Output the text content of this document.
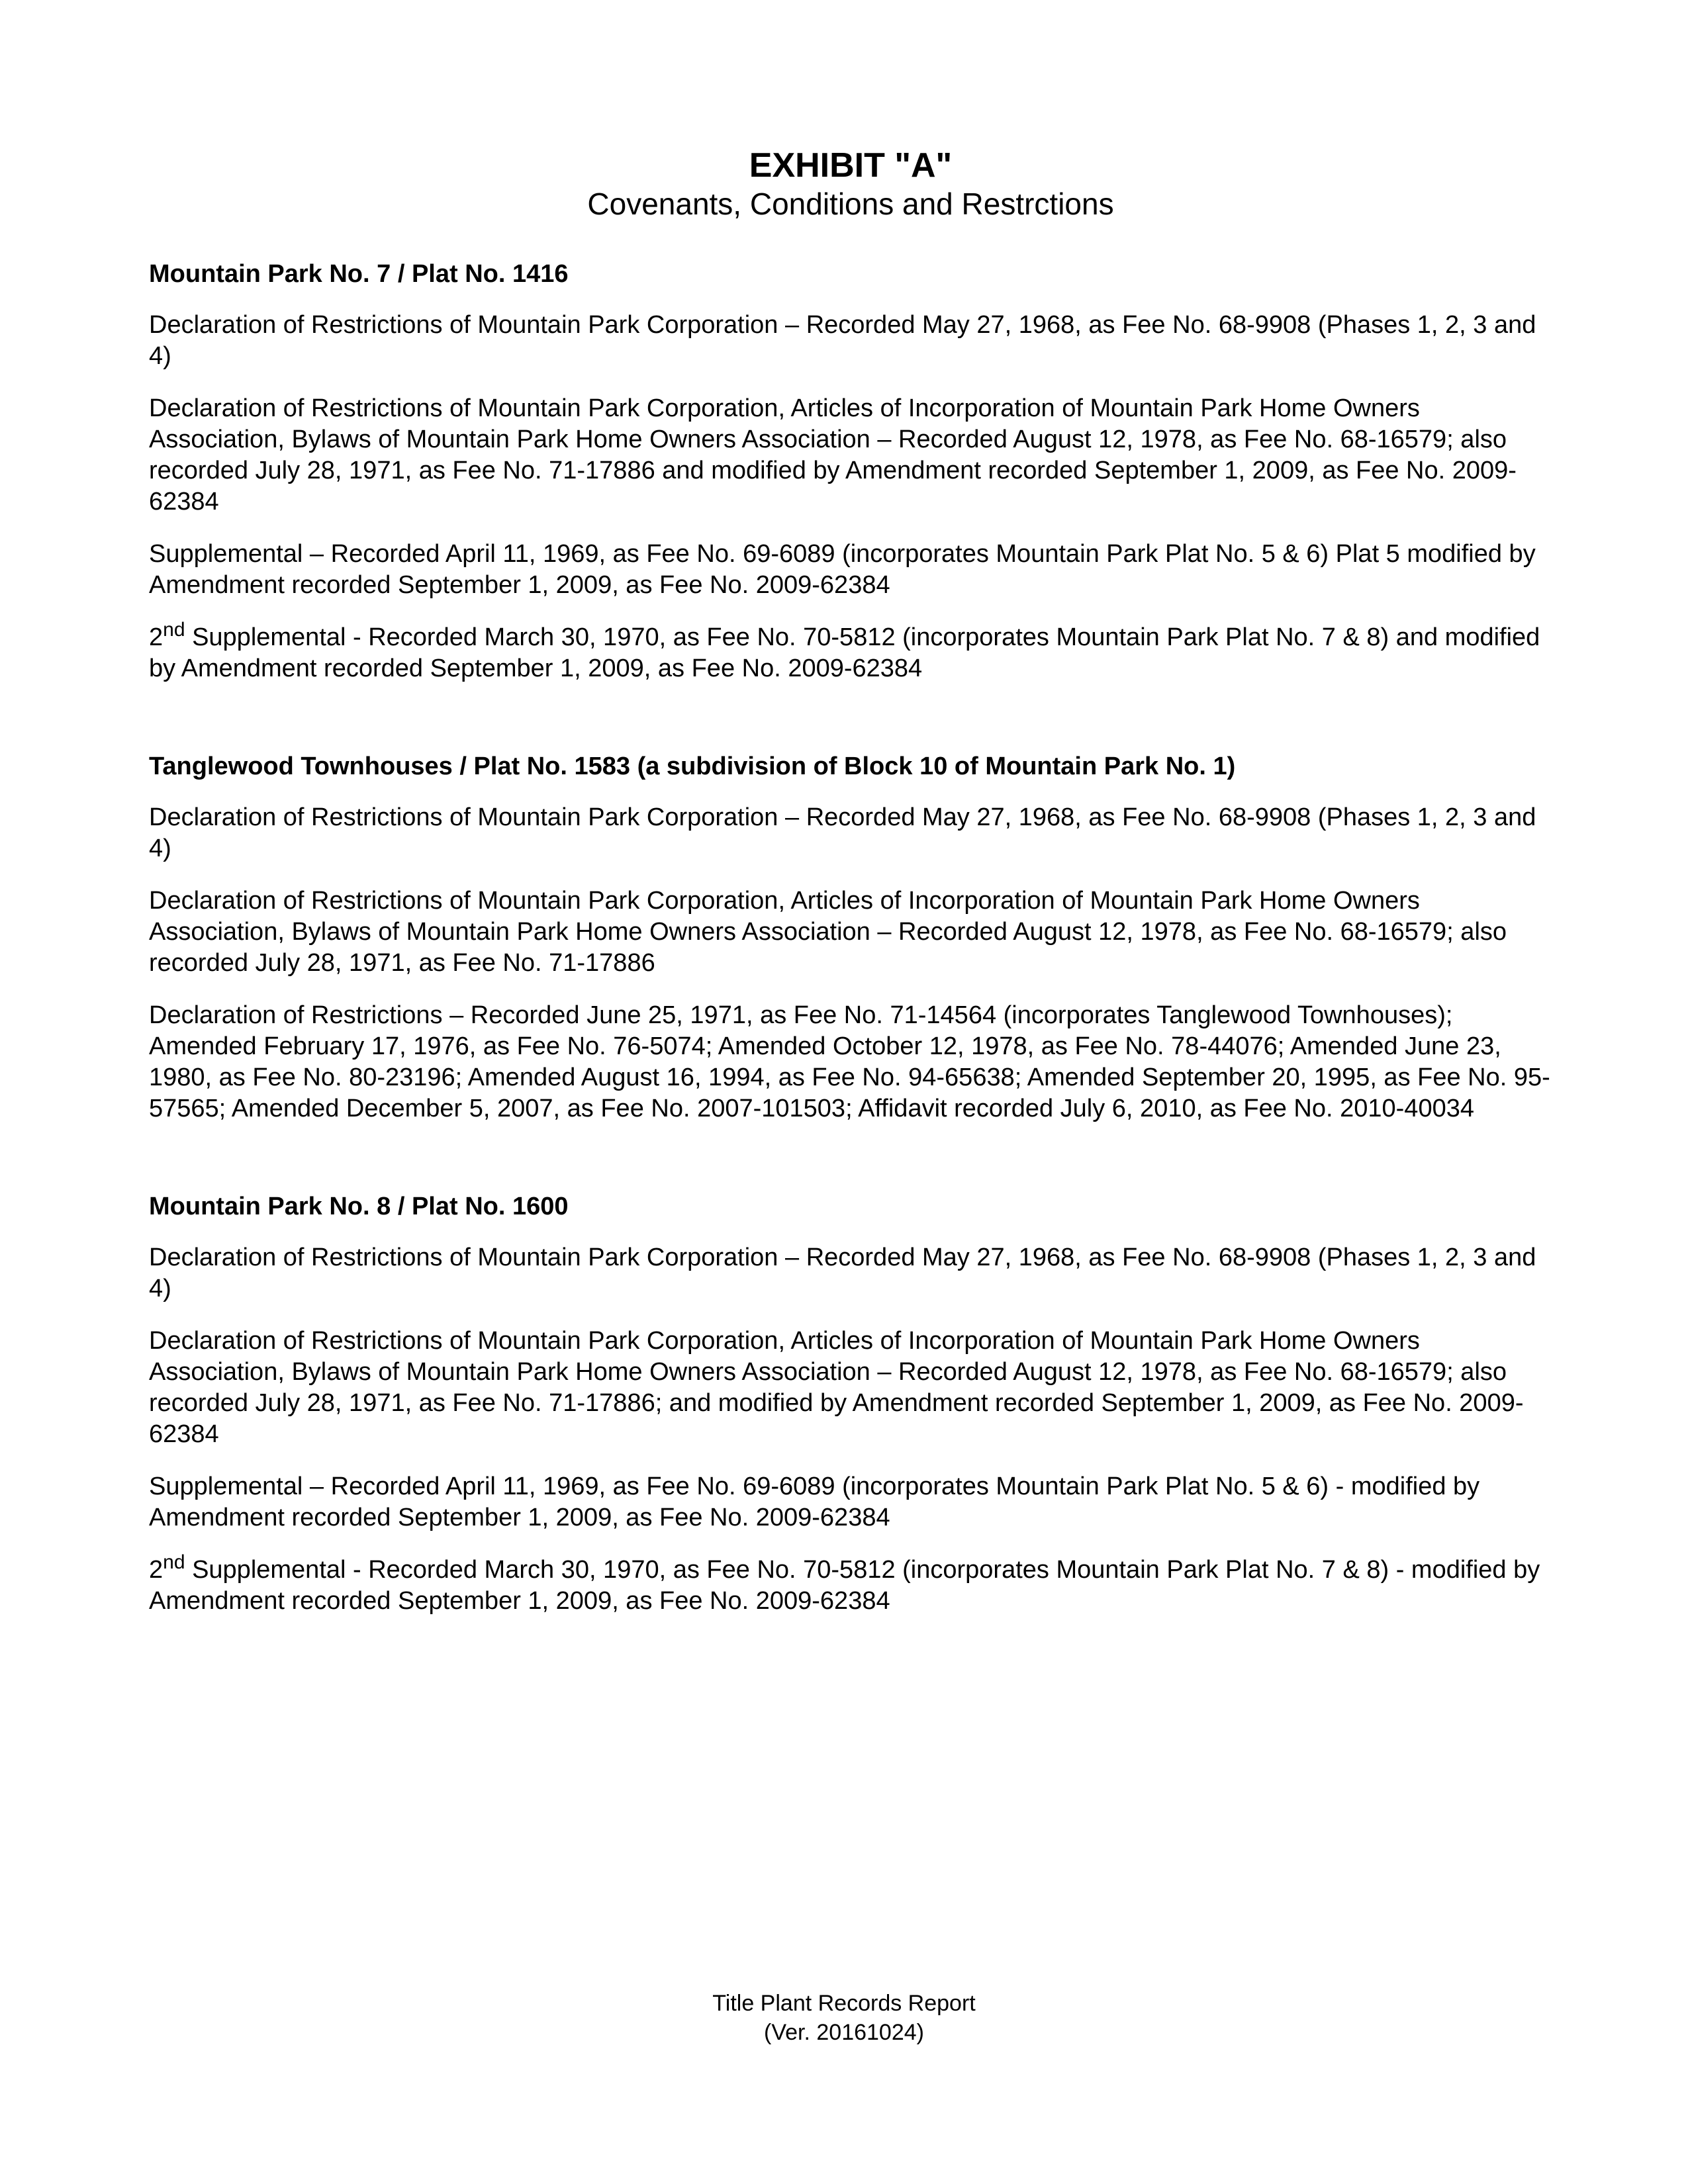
EXHIBIT "A"

Covenants, Conditions and Restrctions

Mountain Park No. 7 / Plat No. 1416

Declaration of Restrictions of Mountain Park Corporation – Recorded May 27, 1968, as Fee No. 68-9908 (Phases 1, 2, 3 and 4)

Declaration of Restrictions of Mountain Park Corporation, Articles of Incorporation of Mountain Park Home Owners Association, Bylaws of Mountain Park Home Owners Association – Recorded August 12, 1978, as Fee No. 68-16579; also recorded July 28, 1971, as Fee No. 71-17886 and modified by Amendment recorded September 1, 2009, as Fee No. 2009-62384

Supplemental – Recorded April 11, 1969, as Fee No. 69-6089 (incorporates Mountain Park Plat No. 5 & 6) Plat 5 modified by Amendment recorded September 1, 2009, as Fee No. 2009-62384

2nd Supplemental - Recorded March 30, 1970, as Fee No. 70-5812 (incorporates Mountain Park Plat No. 7 & 8) and modified by Amendment recorded September 1, 2009, as Fee No. 2009-62384

Tanglewood Townhouses / Plat No. 1583 (a subdivision of Block 10 of Mountain Park No. 1)

Declaration of Restrictions of Mountain Park Corporation – Recorded May 27, 1968, as Fee No. 68-9908 (Phases 1, 2, 3 and 4)

Declaration of Restrictions of Mountain Park Corporation, Articles of Incorporation of Mountain Park Home Owners Association, Bylaws of Mountain Park Home Owners Association – Recorded August 12, 1978, as Fee No. 68-16579; also recorded July 28, 1971, as Fee No. 71-17886

Declaration of Restrictions – Recorded June 25, 1971, as Fee No. 71-14564 (incorporates Tanglewood Townhouses); Amended February 17, 1976, as Fee No. 76-5074; Amended October 12, 1978, as Fee No. 78-44076; Amended June 23, 1980, as Fee No. 80-23196; Amended August 16, 1994, as Fee No. 94-65638; Amended September 20, 1995, as Fee No. 95-57565; Amended December 5, 2007, as Fee No. 2007-101503; Affidavit recorded July 6, 2010, as Fee No. 2010-40034

Mountain Park No. 8 / Plat No. 1600

Declaration of Restrictions of Mountain Park Corporation – Recorded May 27, 1968, as Fee No. 68-9908 (Phases 1, 2, 3 and 4)

Declaration of Restrictions of Mountain Park Corporation, Articles of Incorporation of Mountain Park Home Owners Association, Bylaws of Mountain Park Home Owners Association – Recorded August 12, 1978, as Fee No. 68-16579; also recorded July 28, 1971, as Fee No. 71-17886; and modified by Amendment recorded September 1, 2009, as Fee No. 2009-62384

Supplemental – Recorded April 11, 1969, as Fee No. 69-6089 (incorporates Mountain Park Plat No. 5 & 6) - modified by Amendment recorded September 1, 2009, as Fee No. 2009-62384

2nd Supplemental - Recorded March 30, 1970, as Fee No. 70-5812 (incorporates Mountain Park Plat No. 7 & 8) - modified by Amendment recorded September 1, 2009, as Fee No. 2009-62384

Title Plant Records Report
(Ver. 20161024)
